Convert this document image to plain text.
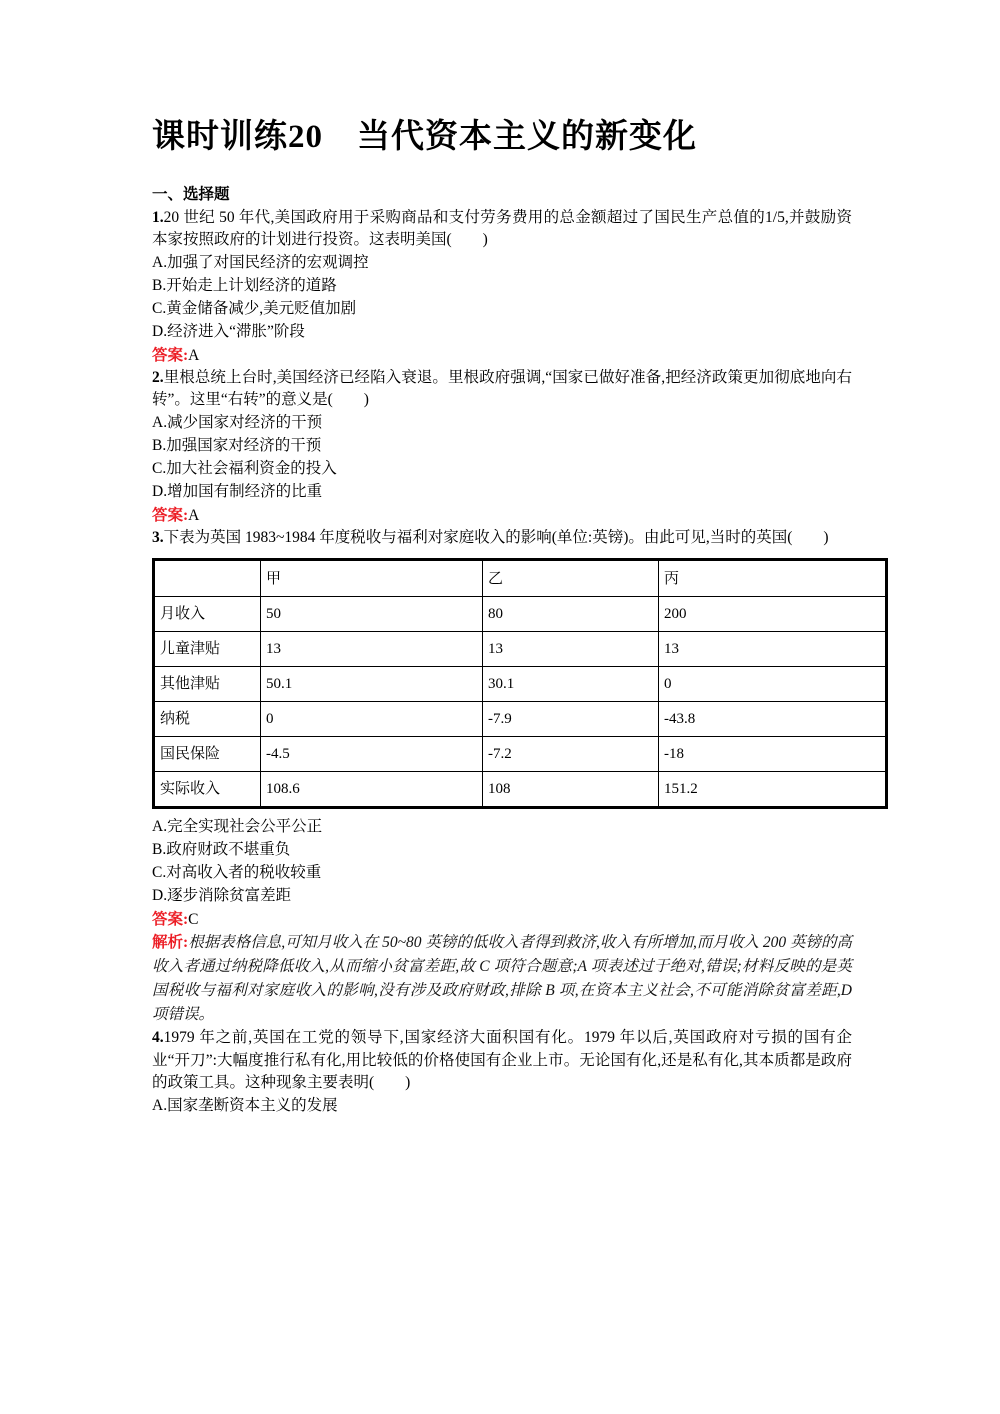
课时训练20　当代资本主义的新变化

一、选择题

1.20 世纪 50 年代,美国政府用于采购商品和支付劳务费用的总金额超过了国民生产总值的1/5,并鼓励资本家按照政府的计划进行投资。这表明美国(　　)

A.加强了对国民经济的宏观调控

B.开始走上计划经济的道路

C.黄金储备减少,美元贬值加剧

D.经济进入“滞胀”阶段

答案:A

2.里根总统上台时,美国经济已经陷入衰退。里根政府强调,“国家已做好准备,把经济政策更加彻底地向右转”。这里“右转”的意义是(　　)

A.减少国家对经济的干预

B.加强国家对经济的干预

C.加大社会福利资金的投入

D.增加国有制经济的比重

答案:A

3.下表为英国 1983~1984 年度税收与福利对家庭收入的影响(单位:英镑)。由此可见,当时的英国(　　)

	甲	乙	丙
月收入	50	80	200
儿童津贴	13	13	13
其他津贴	50.1	30.1	0
纳税	0	-7.9	-43.8
国民保险	-4.5	-7.2	-18
实际收入	108.6	108	151.2

A.完全实现社会公平公正

B.政府财政不堪重负

C.对高收入者的税收较重

D.逐步消除贫富差距

答案:C

解析:根据表格信息,可知月收入在 50~80 英镑的低收入者得到救济,收入有所增加,而月收入 200 英镑的高收入者通过纳税降低收入,从而缩小贫富差距,故 C 项符合题意;A 项表述过于绝对,错误;材料反映的是英国税收与福利对家庭收入的影响,没有涉及政府财政,排除 B 项,在资本主义社会,不可能消除贫富差距,D 项错误。

4.1979 年之前,英国在工党的领导下,国家经济大面积国有化。1979 年以后,英国政府对亏损的国有企业“开刀”:大幅度推行私有化,用比较低的价格使国有企业上市。无论国有化,还是私有化,其本质都是政府的政策工具。这种现象主要表明(　　)

A.国家垄断资本主义的发展
